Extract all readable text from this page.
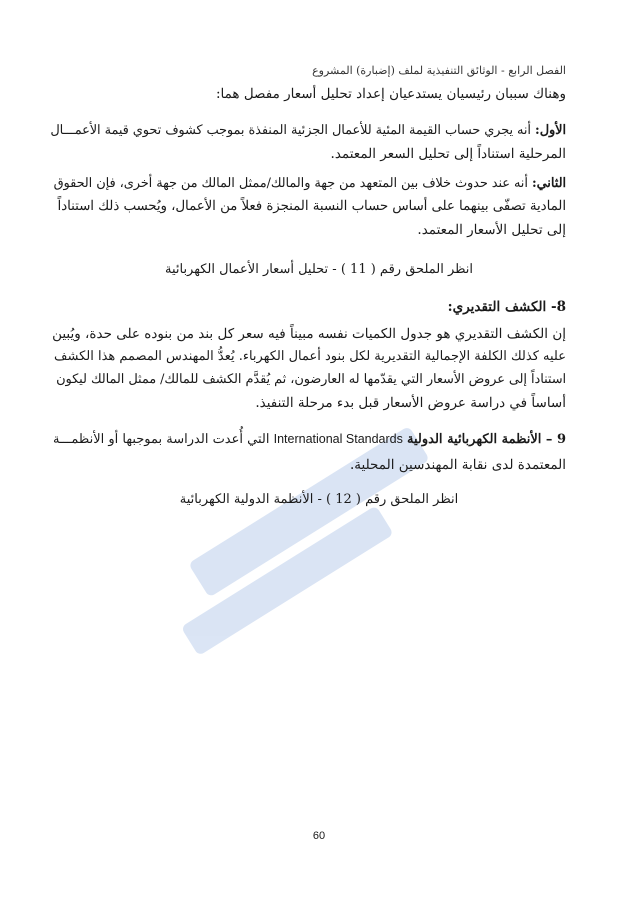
الفصل الرابع - الوثائق التنفيذية لملف (إضبارة) المشروع
وهناك سببان رئيسيان يستدعيان إعداد تحليل أسعار مفصل هما:
الأول: أنه يجري حساب القيمة المئية للأعمال الجزئية المنفذة بموجب كشوف تحوي قيمة الأعمـــال
المرحلية استناداً إلى تحليل السعر المعتمد.
الثاني: أنه عند حدوث خلاف بين المتعهد من جهة والمالك/ممثل المالك من جهة أخرى، فإن الحقوق
المادية تصفّى بينهما على أساس حساب النسبة المنجزة فعلاً من الأعمال، ويُحسب ذلك استناداً
إلى تحليل الأسعار المعتمد.
انظر الملحق رقم ( 11 ) - تحليل أسعار الأعمال الكهربائية
8- الكشف التقديري:
إن الكشف التقديري هو جدول الكميات نفسه مبيناً فيه سعر كل بند من بنوده على حدة، ويُبين
عليه كذلك الكلفة الإجمالية التقديرية لكل بنود أعمال الكهرباء. يُعدُّ المهندس المصمم هذا الكشف
استناداً إلى عروض الأسعار التي يقدّمها له العارضون، ثم يُقدَّم الكشف للمالك/ ممثل المالك ليكون
أساساً في دراسة عروض الأسعار قبل بدء مرحلة التنفيذ.
9 – الأنظمة الكهربائية الدولية International Standards التي أُعدت الدراسة بموجبها أو الأنظمـــة
المعتمدة لدى نقابة المهندسين المحلية.
انظر الملحق رقم ( 12 ) - الأنظمة الدولية الكهربائية
60
